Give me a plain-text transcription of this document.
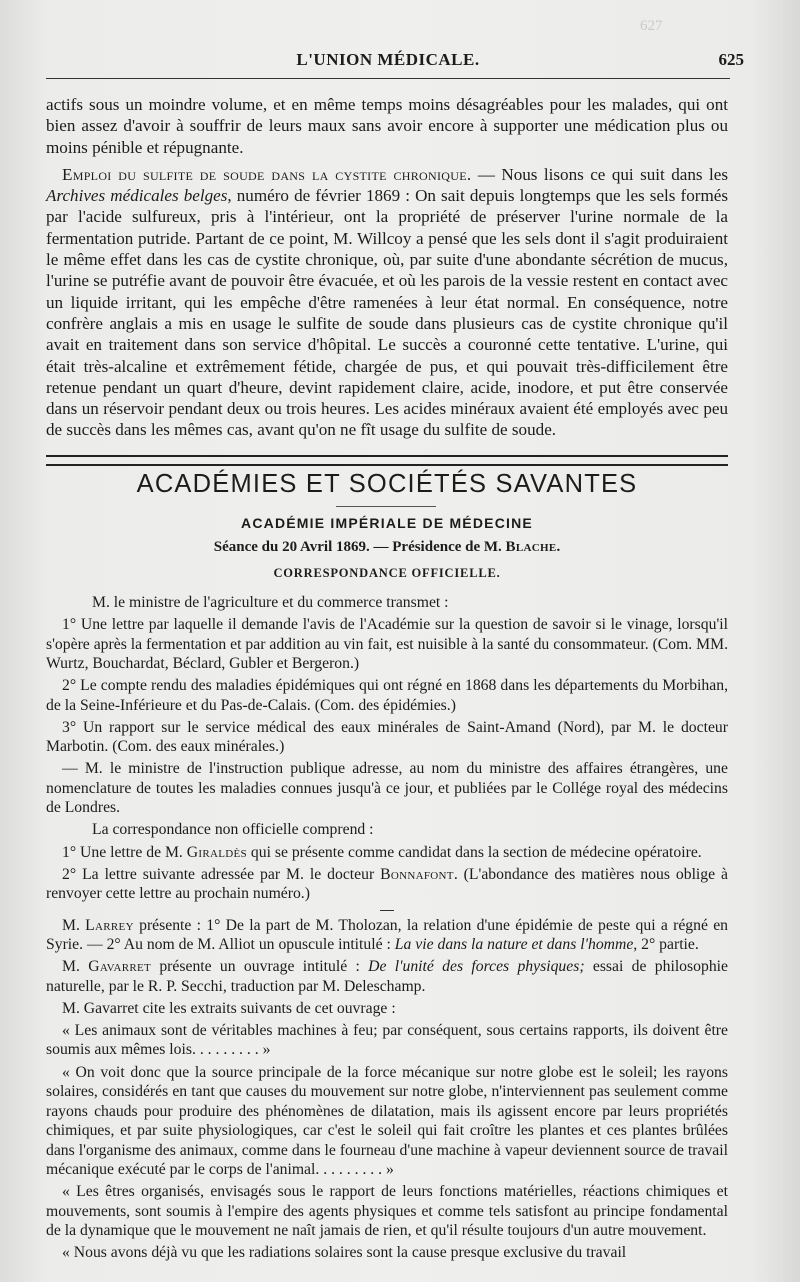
627
L'UNION MÉDICALE.	625

actifs sous un moindre volume, et en même temps moins désagréables pour les malades, qui ont bien assez d'avoir à souffrir de leurs maux sans avoir encore à supporter une médication plus ou moins pénible et répugnante.

Emploi du sulfite de soude dans la cystite chronique. — Nous lisons ce qui suit dans les Archives médicales belges, numéro de février 1869 : On sait depuis longtemps que les sels formés par l'acide sulfureux, pris à l'intérieur, ont la propriété de préserver l'urine normale de la fermentation putride. Partant de ce point, M. Willcoy a pensé que les sels dont il s'agit produiraient le même effet dans les cas de cystite chronique, où, par suite d'une abondante sécrétion de mucus, l'urine se putréfie avant de pouvoir être évacuée, et où les parois de la vessie restent en contact avec un liquide irritant, qui les empêche d'être ramenées à leur état normal. En conséquence, notre confrère anglais a mis en usage le sulfite de soude dans plusieurs cas de cystite chronique qu'il avait en traitement dans son service d'hôpital. Le succès a couronné cette tentative. L'urine, qui était très-alcaline et extrêmement fétide, chargée de pus, et qui pouvait très-difficilement être retenue pendant un quart d'heure, devint rapidement claire, acide, inodore, et put être conservée dans un réservoir pendant deux ou trois heures. Les acides minéraux avaient été employés avec peu de succès dans les mêmes cas, avant qu'on ne fît usage du sulfite de soude.

ACADÉMIES ET SOCIÉTÉS SAVANTES
ACADÉMIE IMPÉRIALE DE MÉDECINE
Séance du 20 Avril 1869. — Présidence de M. Blache.
CORRESPONDANCE OFFICIELLE.

M. le ministre de l'agriculture et du commerce transmet :

1° Une lettre par laquelle il demande l'avis de l'Académie sur la question de savoir si le vinage, lorsqu'il s'opère après la fermentation et par addition au vin fait, est nuisible à la santé du consommateur. (Com. MM. Wurtz, Bouchardat, Béclard, Gubler et Bergeron.)

2° Le compte rendu des maladies épidémiques qui ont régné en 1868 dans les départements du Morbihan, de la Seine-Inférieure et du Pas-de-Calais. (Com. des épidémies.)

3° Un rapport sur le service médical des eaux minérales de Saint-Amand (Nord), par M. le docteur Marbotin. (Com. des eaux minérales.)

— M. le ministre de l'instruction publique adresse, au nom du ministre des affaires étrangères, une nomenclature de toutes les maladies connues jusqu'à ce jour, et publiées par le Collége royal des médecins de Londres.

La correspondance non officielle comprend :

1° Une lettre de M. Giraldès qui se présente comme candidat dans la section de médecine opératoire.

2° La lettre suivante adressée par M. le docteur Bonnafont. (L'abondance des matières nous oblige à renvoyer cette lettre au prochain numéro.)

M. Larrey présente : 1° De la part de M. Tholozan, la relation d'une épidémie de peste qui a régné en Syrie. — 2° Au nom de M. Alliot un opuscule intitulé : La vie dans la nature et dans l'homme, 2° partie.

M. Gavarret présente un ouvrage intitulé : De l'unité des forces physiques; essai de philosophie naturelle, par le R. P. Secchi, traduction par M. Deleschamp.

M. Gavarret cite les extraits suivants de cet ouvrage :

« Les animaux sont de véritables machines à feu; par conséquent, sous certains rapports, ils doivent être soumis aux mêmes lois. . . . . . . . . »

« On voit donc que la source principale de la force mécanique sur notre globe est le soleil; les rayons solaires, considérés en tant que causes du mouvement sur notre globe, n'interviennent pas seulement comme rayons chauds pour produire des phénomènes de dilatation, mais ils agissent encore par leurs propriétés chimiques, et par suite physiologiques, car c'est le soleil qui fait croître les plantes et ces plantes brûlées dans l'organisme des animaux, comme dans le fourneau d'une machine à vapeur deviennent source de travail mécanique exécuté par le corps de l'animal. . . . . . . . . »

« Les êtres organisés, envisagés sous le rapport de leurs fonctions matérielles, réactions chimiques et mouvements, sont soumis à l'empire des agents physiques et comme tels satisfont au principe fondamental de la dynamique que le mouvement ne naît jamais de rien, et qu'il résulte toujours d'un autre mouvement.

« Nous avons déjà vu que les radiations solaires sont la cause presque exclusive du travail
